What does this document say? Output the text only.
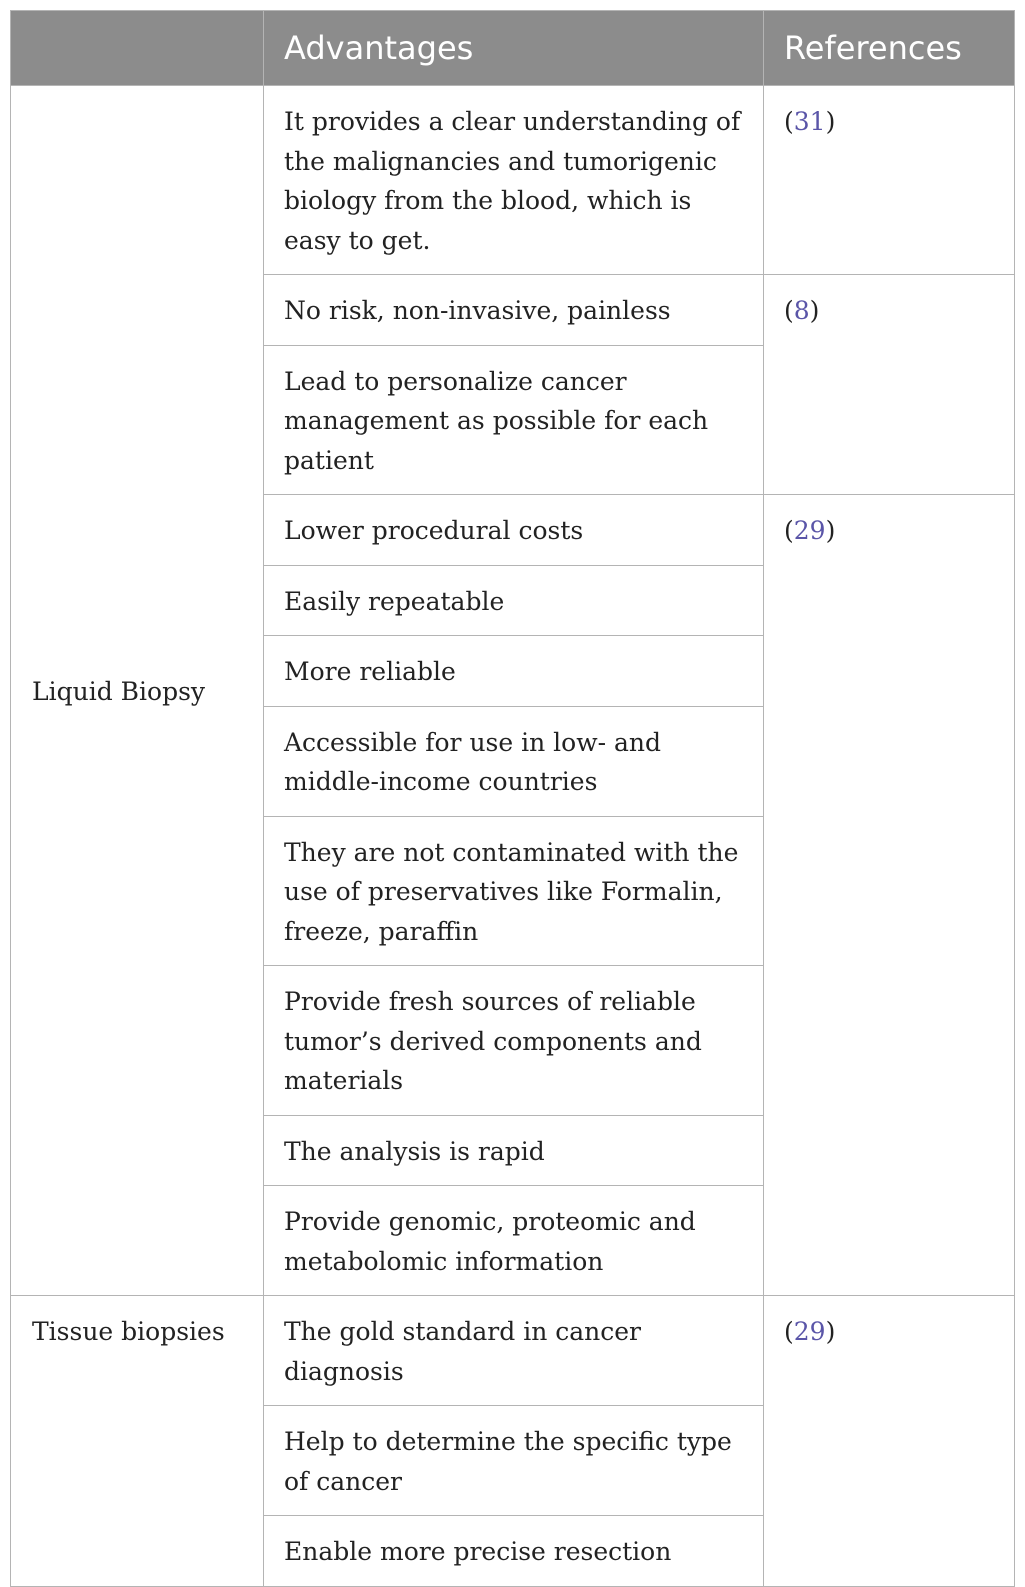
	Advantages	References
Liquid Biopsy	It provides a clear understanding of the malignancies and tumorigenic biology from the blood, which is easy to get.	(31)
	No risk, non-invasive, painless	(8)
	Lead to personalize cancer management as possible for each patient	
	Lower procedural costs	(29)
	Easily repeatable	
	More reliable	
	Accessible for use in low- and middle-income countries	
	They are not contaminated with the use of preservatives like Formalin, freeze, paraffin	
	Provide fresh sources of reliable tumor’s derived components and materials	
	The analysis is rapid	
	Provide genomic, proteomic and metabolomic information	
Tissue biopsies	The gold standard in cancer diagnosis	(29)
	Help to determine the specific type of cancer	
	Enable more precise resection	
